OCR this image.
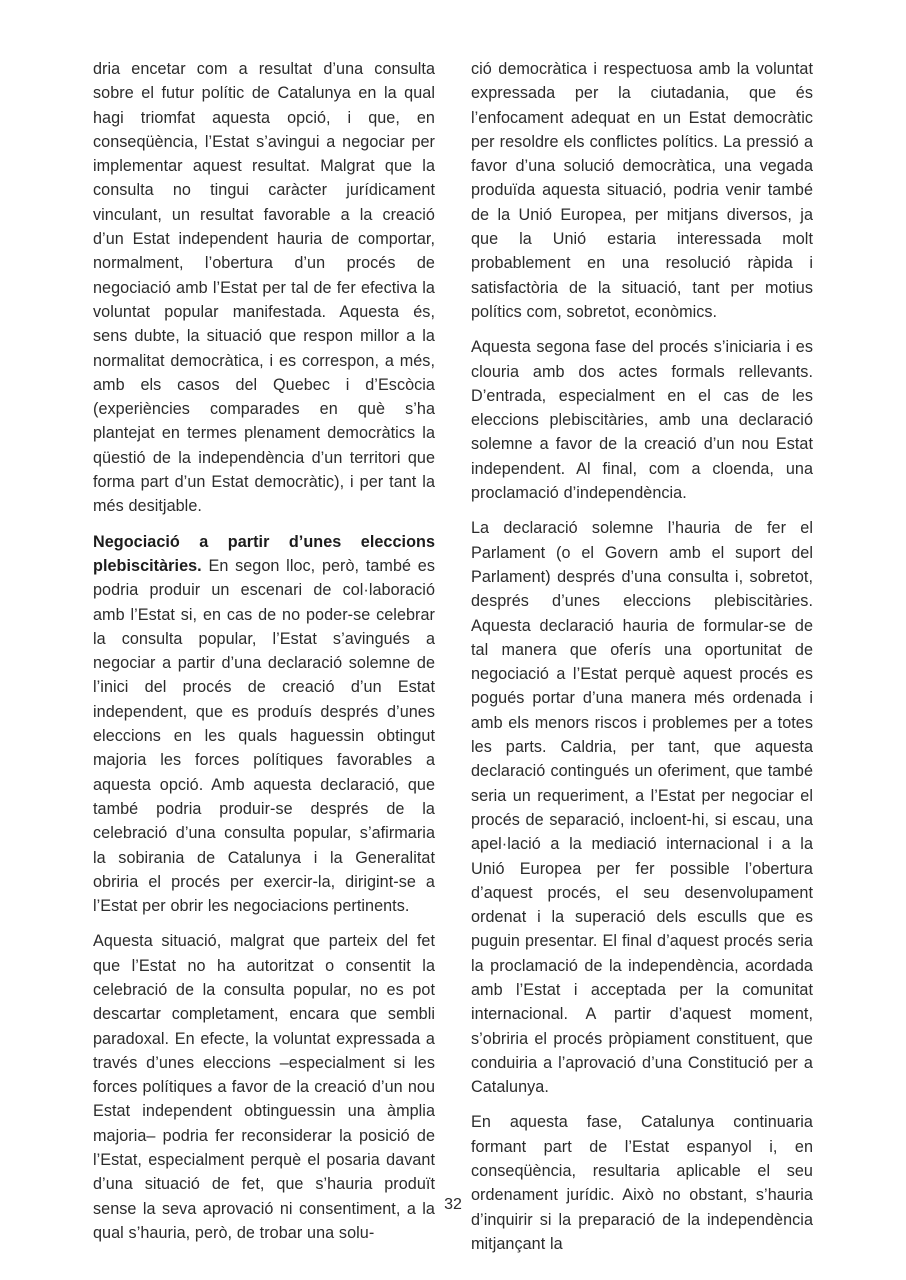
dria encetar com a resultat d’una consulta sobre el futur polític de Catalunya en la qual hagi triomfat aquesta opció, i que, en conseqüència, l’Estat s’avingui a negociar per implementar aquest resultat. Malgrat que la consulta no tingui caràcter jurídicament vinculant, un resultat favorable a la creació d’un Estat independent hauria de comportar, normalment, l’obertura d’un procés de negociació amb l’Estat per tal de fer efectiva la voluntat popular manifestada. Aquesta és, sens dubte, la situació que respon millor a la normalitat democràtica, i es correspon, a més, amb els casos del Quebec i d’Escòcia (experiències comparades en què s’ha plantejat en termes plenament democràtics la qüestió de la independència d’un territori que forma part d’un Estat democràtic), i per tant la més desitjable.

Negociació a partir d’unes eleccions plebiscitàries. En segon lloc, però, també es podria produir un escenari de col·laboració amb l’Estat si, en cas de no poder-se celebrar la consulta popular, l’Estat s’avingués a negociar a partir d’una declaració solemne de l’inici del procés de creació d’un Estat independent, que es produís després d’unes eleccions en les quals haguessin obtingut majoria les forces polítiques favorables a aquesta opció. Amb aquesta declaració, que també podria produir-se després de la celebració d’una consulta popular, s’afirmaria la sobirania de Catalunya i la Generalitat obriria el procés per exercir-la, dirigint-se a l’Estat per obrir les negociacions pertinents.

Aquesta situació, malgrat que parteix del fet que l’Estat no ha autoritzat o consentit la celebració de la consulta popular, no es pot descartar completament, encara que sembli paradoxal. En efecte, la voluntat expressada a través d’unes eleccions –especialment si les forces polítiques a favor de la creació d’un nou Estat independent obtinguessin una àmplia majoria– podria fer reconsiderar la posició de l’Estat, especialment perquè el posaria davant d’una situació de fet, que s’hauria produït sense la seva aprovació ni consentiment, a la qual s’hauria, però, de trobar una solu-

ció democràtica i respectuosa amb la voluntat expressada per la ciutadania, que és l’enfocament adequat en un Estat democràtic per resoldre els conflictes polítics. La pressió a favor d’una solució democràtica, una vegada produïda aquesta situació, podria venir també de la Unió Europea, per mitjans diversos, ja que la Unió estaria interessada molt probablement en una resolució ràpida i satisfactòria de la situació, tant per motius polítics com, sobretot, econòmics.

Aquesta segona fase del procés s’iniciaria i es clouria amb dos actes formals rellevants. D’entrada, especialment en el cas de les eleccions plebiscitàries, amb una declaració solemne a favor de la creació d’un nou Estat independent. Al final, com a cloenda, una proclamació d’independència.

La declaració solemne l’hauria de fer el Parlament (o el Govern amb el suport del Parlament) després d’una consulta i, sobretot, després d’unes eleccions plebiscitàries. Aquesta declaració hauria de formular-se de tal manera que oferís una oportunitat de negociació a l’Estat perquè aquest procés es pogués portar d’una manera més ordenada i amb els menors riscos i problemes per a totes les parts. Caldria, per tant, que aquesta declaració contingués un oferiment, que també seria un requeriment, a l’Estat per negociar el procés de separació, incloent-hi, si escau, una apel·lació a la mediació internacional i a la Unió Europea per fer possible l’obertura d’aquest procés, el seu desenvolupament ordenat i la superació dels esculls que es puguin presentar. El final d’aquest procés seria la proclamació de la independència, acordada amb l’Estat i acceptada per la comunitat internacional. A partir d’aquest moment, s’obriria el procés pròpiament constituent, que conduiria a l’aprovació d’una Constitució per a Catalunya.

En aquesta fase, Catalunya continuaria formant part de l’Estat espanyol i, en conseqüència, resultaria aplicable el seu ordenament jurídic. Això no obstant, s’hauria d’inquirir si la preparació de la independència mitjançant la

32
